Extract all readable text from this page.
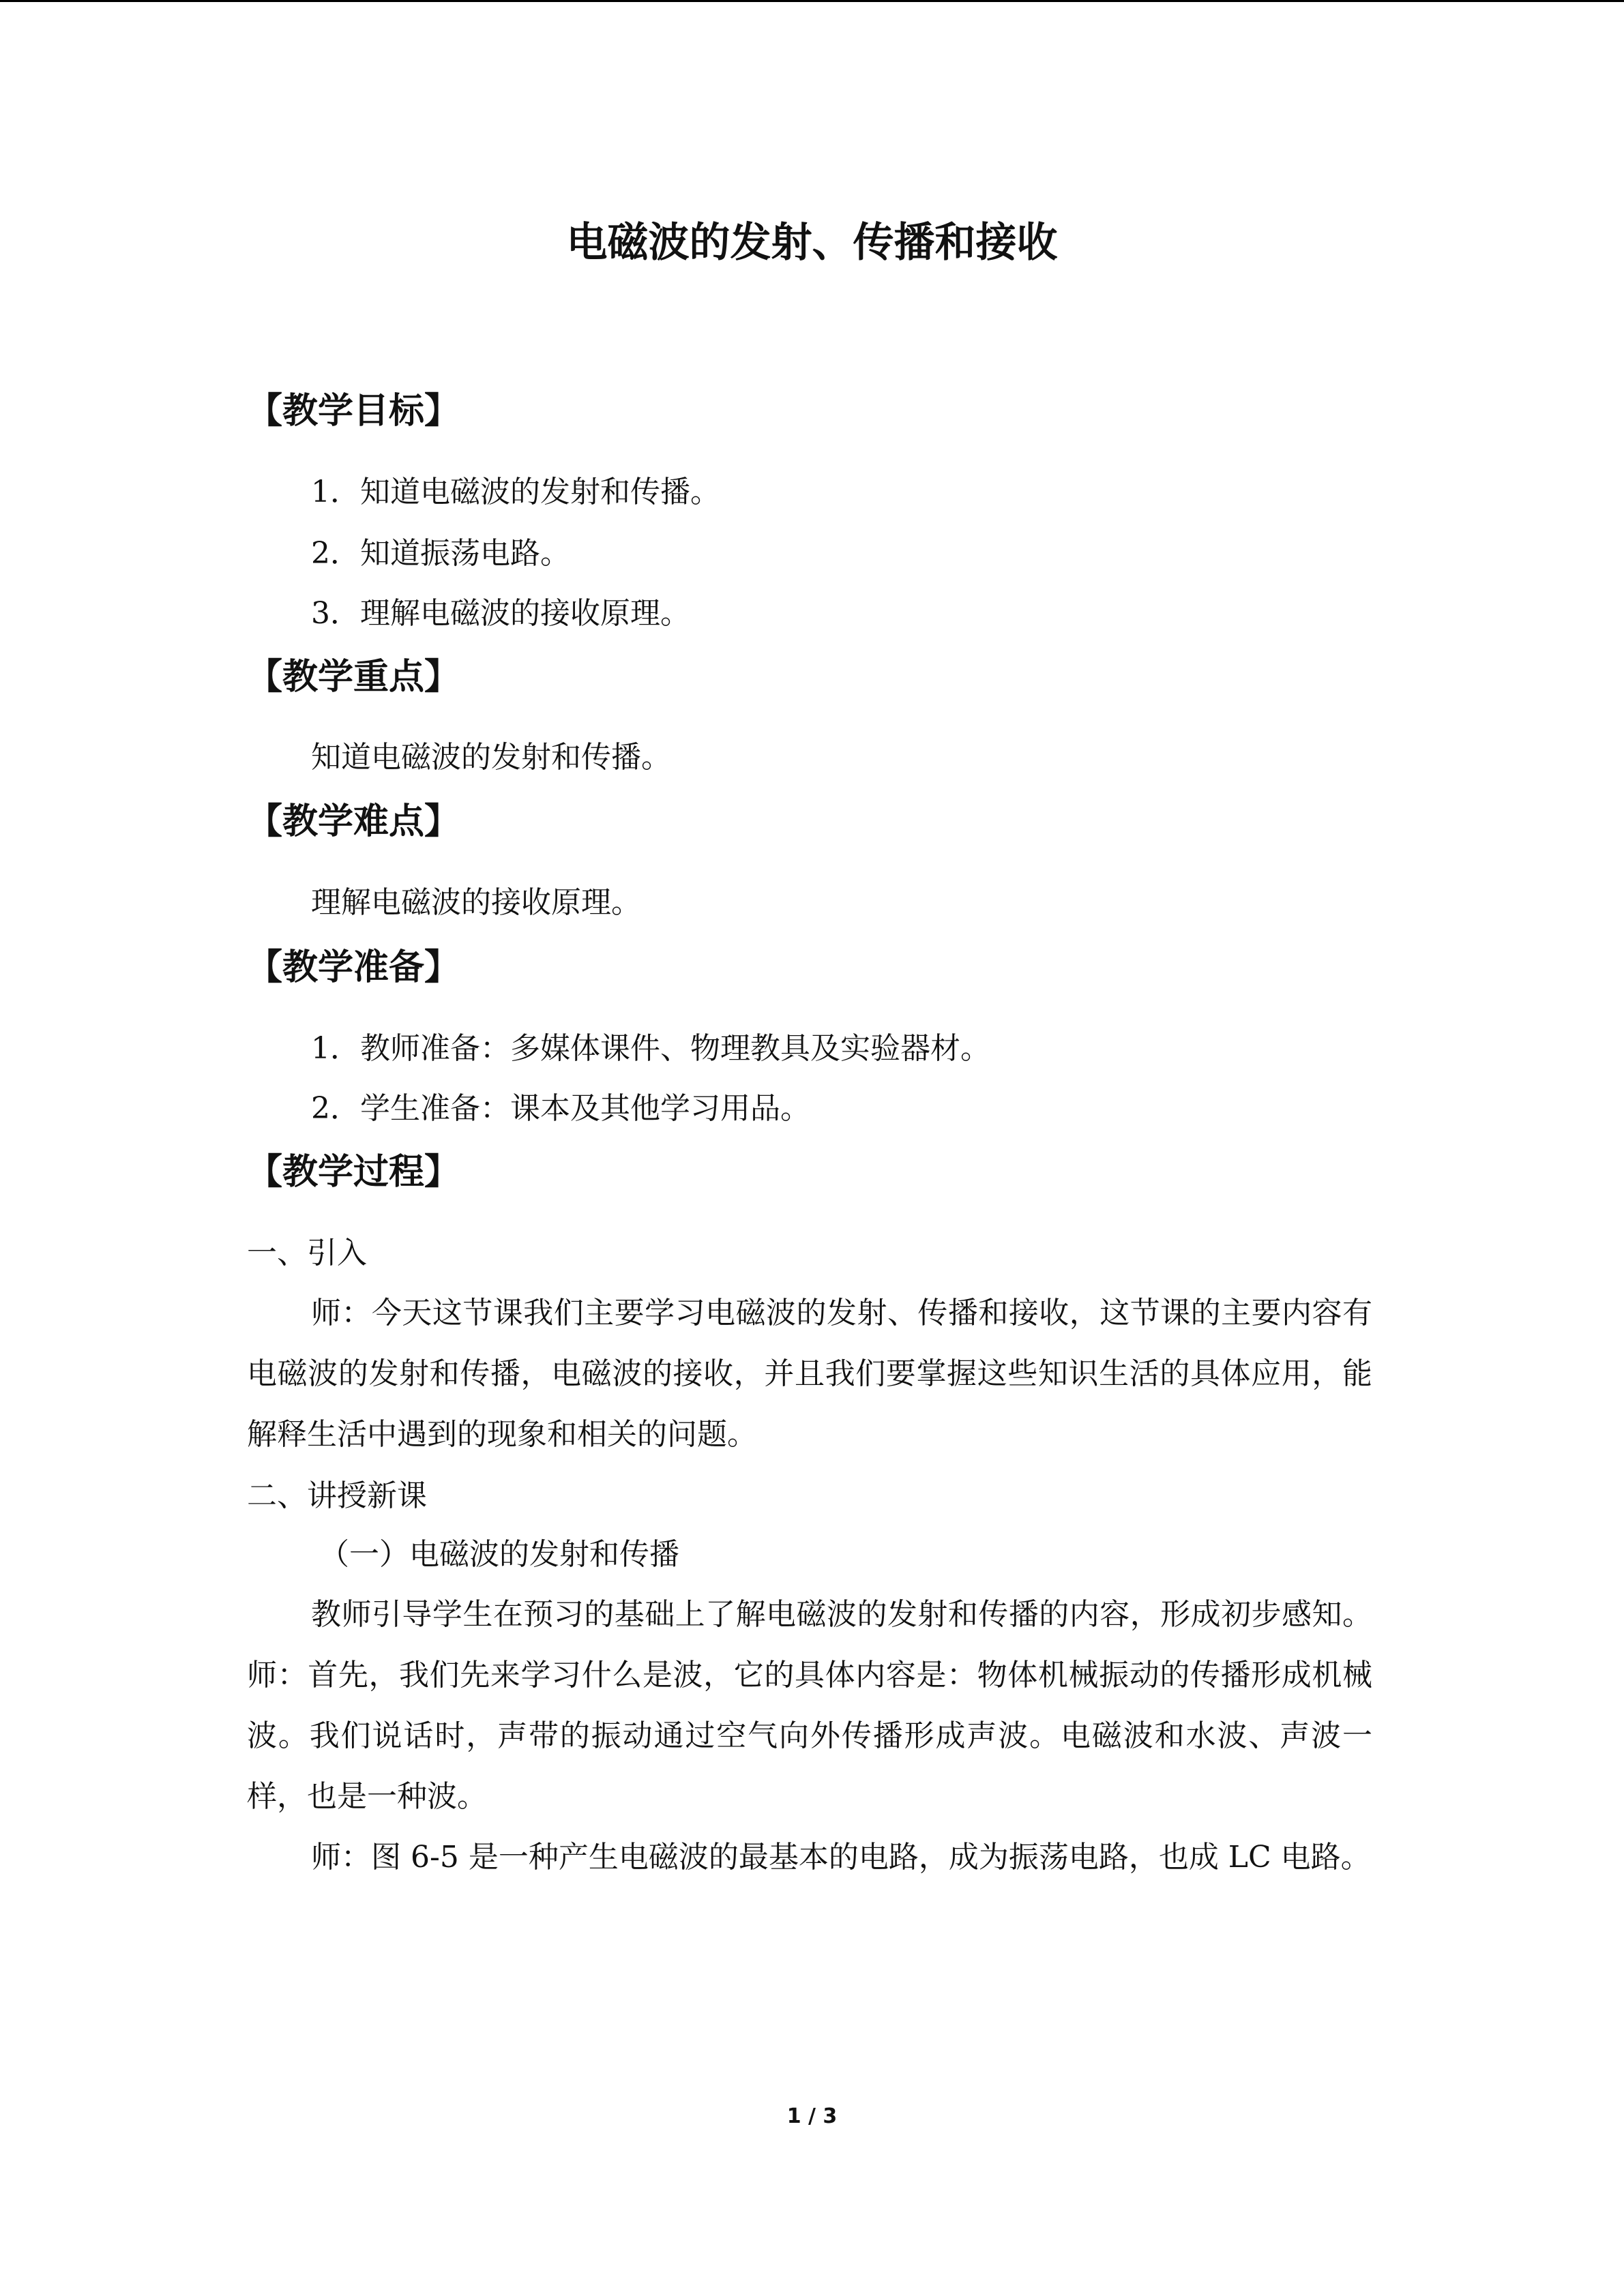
电磁波的发射、传播和接收
【教学目标】
1．知道电磁波的发射和传播。
2．知道振荡电路。
3．理解电磁波的接收原理。
【教学重点】
知道电磁波的发射和传播。
【教学难点】
理解电磁波的接收原理。
【教学准备】
1．教师准备：多媒体课件、物理教具及实验器材。
2．学生准备：课本及其他学习用品。
【教学过程】
一、引入

师：今天这节课我们主要学习电磁波的发射、传播和接收，这节课的主要内容有电磁波的发射和传播，电磁波的接收，并且我们要掌握这些知识生活的具体应用，能解释生活中遇到的现象和相关的问题。

二、讲授新课
（一）电磁波的发射和传播

教师引导学生在预习的基础上了解电磁波的发射和传播的内容，形成初步感知。师：首先，我们先来学习什么是波，它的具体内容是：物体机械振动的传播形成机械波。我们说话时，声带的振动通过空气向外传播形成声波。电磁波和水波、声波一样，也是一种波。

师：图 6-5 是一种产生电磁波的最基本的电路，成为振荡电路，也成 LC 电路。

1 / 3
